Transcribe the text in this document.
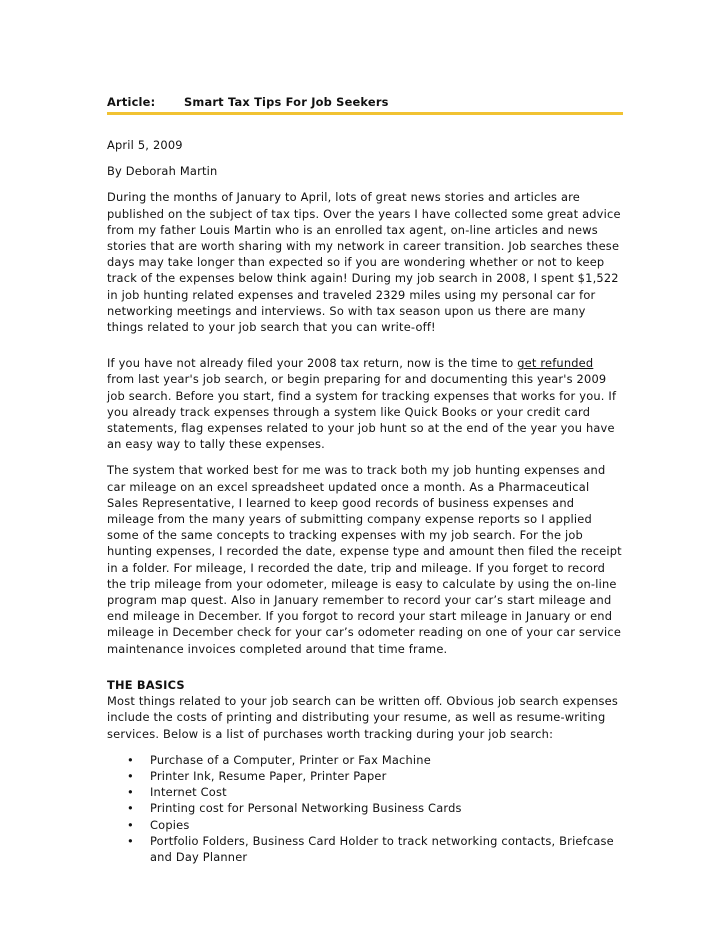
Article:	Smart Tax Tips For Job Seekers

April 5, 2009

By Deborah Martin

During the months of January to April, lots of great news stories and articles are published on the subject of tax tips. Over the years I have collected some great advice from my father Louis Martin who is an enrolled tax agent, on-line articles and news stories that are worth sharing with my network in career transition. Job searches these days may take longer than expected so if you are wondering whether or not to keep track of the expenses below think again! During my job search in 2008, I spent $1,522 in job hunting related expenses and traveled 2329 miles using my personal car for networking meetings and interviews. So with tax season upon us there are many things related to your job search that you can write-off!

If you have not already filed your 2008 tax return, now is the time to get refunded from last year's job search, or begin preparing for and documenting this year's 2009 job search. Before you start, find a system for tracking expenses that works for you. If you already track expenses through a system like Quick Books or your credit card statements, flag expenses related to your job hunt so at the end of the year you have an easy way to tally these expenses.

The system that worked best for me was to track both my job hunting expenses and car mileage on an excel spreadsheet updated once a month. As a Pharmaceutical Sales Representative, I learned to keep good records of business expenses and mileage from the many years of submitting company expense reports so I applied some of the same concepts to tracking expenses with my job search. For the job hunting expenses, I recorded the date, expense type and amount then filed the receipt in a folder. For mileage, I recorded the date, trip and mileage. If you forget to record the trip mileage from your odometer, mileage is easy to calculate by using the on-line program map quest. Also in January remember to record your car’s start mileage and end mileage in December. If you forgot to record your start mileage in January or end mileage in December check for your car’s odometer reading on one of your car service maintenance invoices completed around that time frame.

THE BASICS

Most things related to your job search can be written off. Obvious job search expenses include the costs of printing and distributing your resume, as well as resume-writing services. Below is a list of purchases worth tracking during your job search:

• Purchase of a Computer, Printer or Fax Machine
• Printer Ink, Resume Paper, Printer Paper
• Internet Cost
• Printing cost for Personal Networking Business Cards
• Copies
• Portfolio Folders, Business Card Holder to track networking contacts, Briefcase and Day Planner
